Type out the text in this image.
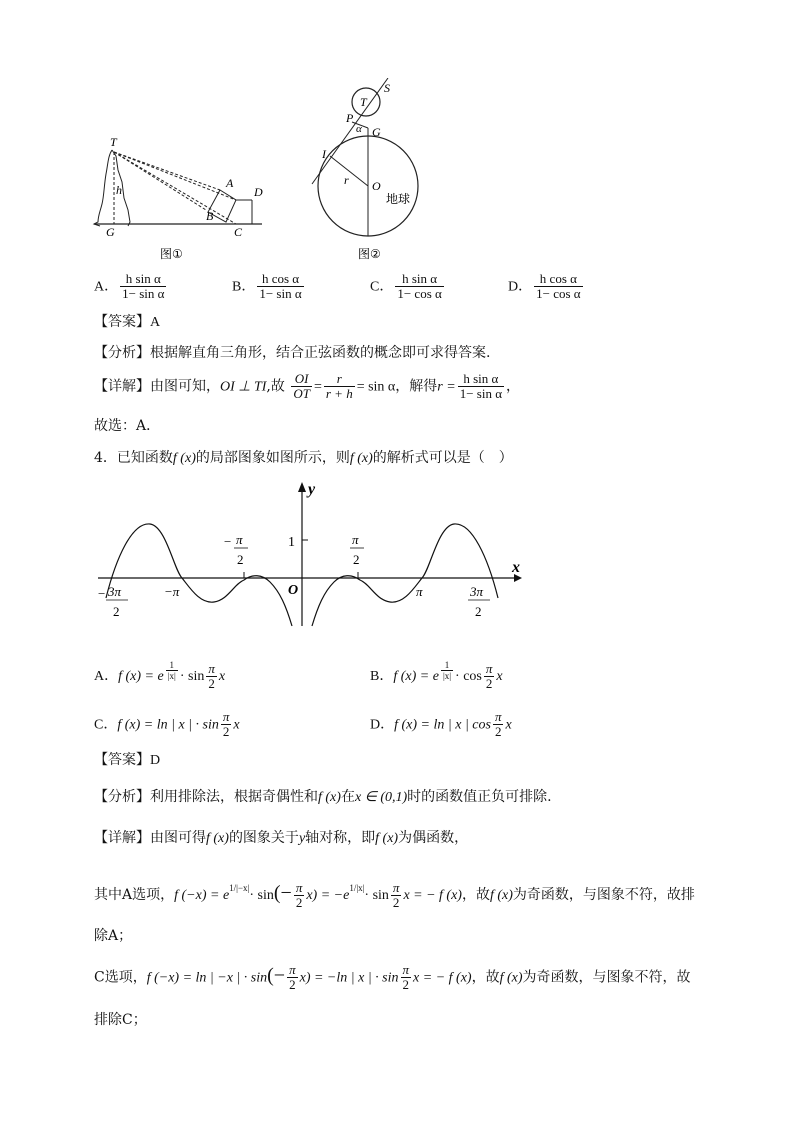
T
h
G
A
B
C
D
图①
S
T
P
α G
I
r O
地球
图②
A． $\frac{\text{h sin α}}{\text{1− sin α}}$	B． $\frac{\text{h cos α}}{\text{1− sin α}}$	C． $\frac{\text{h sin α}}{\text{1− cos α}}$	D． $\frac{\text{h cos α}}{\text{1− cos α}}$
【答案】A
【分析】根据解直角三角形，结合正弦函数的概念即可求得答案.
【详解】由图可知，OI ⊥ TI,故 $\frac{OI}{OT} = \frac{r}{r + h} = \sin \alpha$，解得$r = \frac{\text{h sin α}}{\text{1− sin α}}$ ，
故选：A．
4．已知函数f (x)的局部图象如图所示，则f (x)的解析式可以是（　）
y
x
O
1
− π
2
π
2
− 3π
2
3π
2
−π	π
A．f (x) = e $\frac{1}{|x|} \cdot \sin \frac{\pi}{2}$ x	B．f (x) = e $\frac{1}{|x|} \cdot \cos \frac{\pi}{2}$ x
C．f (x) = ln | x | · $\sin \frac{\pi}{2}$ x	D．f (x) = ln | x | $\cos \frac{\pi}{2}$ x
【答案】D
【分析】利用排除法，根据奇偶性和f (x)在x ∈ (0,1)时的函数值正负可排除.
【详解】由图可得f (x)的图象关于y轴对称，即f (x)为偶函数，
其中A选项，f $(-x) = e^{1/|-x|}\cdot \sin(- \frac{\pi}{2} x) = -e^{1/|x|}\cdot \sin \frac{\pi}{2}$ x = − f (x)，故f (x)为奇函数，与图象不符，故排
除A；
C选项，f (−x) = ln | −x | · $\sin(- \frac{\pi}{2} x) = -\ln$ | x | · $\sin \frac{\pi}{2}$ x = − f (x)，故f (x)为奇函数，与图象不符，故
排除C；
